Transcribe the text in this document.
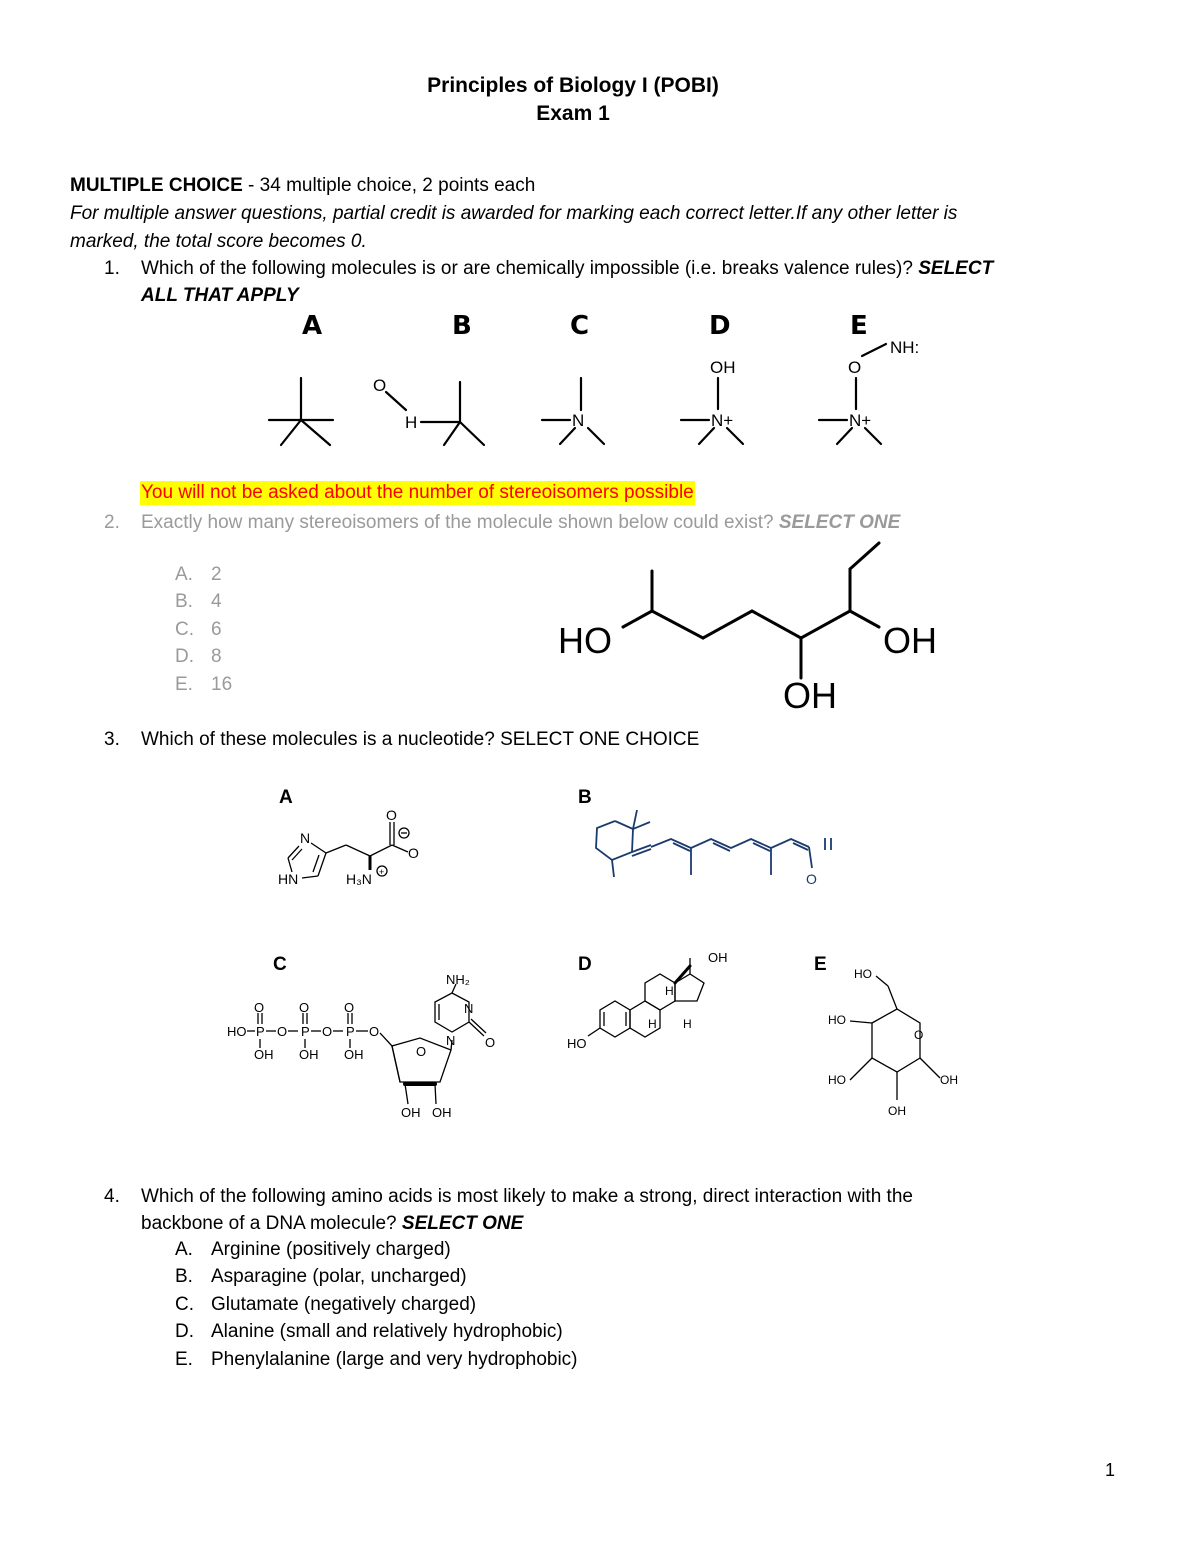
Principles of Biology I (POBI)
Exam 1
MULTIPLE CHOICE - 34 multiple choice, 2 points each
For multiple answer questions, partial credit is awarded for marking each correct letter.If any other letter is
marked, the total score becomes 0.
1.	Which of the following molecules is or are chemically impossible (i.e. breaks valence rules)? SELECT
ALL THAT APPLY
A	B	C	D	E
O
H	N
OH
N+
NH:
O
N+
You will not be asked about the number of stereoisomers possible
2.	Exactly how many stereoisomers of the molecule shown below could exist? SELECT ONE
A. 2
B. 4
C. 6
D. 8
E. 16
HO	OH
OH
3.	Which of these molecules is a nucleotide? SELECT ONE CHOICE
A	B
C	D	E
N
HN	H₃N +
O
O
O
HO P
O
OH
O P
O
OH
O P
O
OH
O
O
OH OH
N
N
O
NH₂
HO
OH
H
H
H
O
HO
HO
HO
OH
OH
4.	Which of the following amino acids is most likely to make a strong, direct interaction with the
backbone of a DNA molecule? SELECT ONE
A. Arginine (positively charged)
B. Asparagine (polar, uncharged)
C. Glutamate (negatively charged)
D. Alanine (small and relatively hydrophobic)
E. Phenylalanine (large and very hydrophobic)
1
